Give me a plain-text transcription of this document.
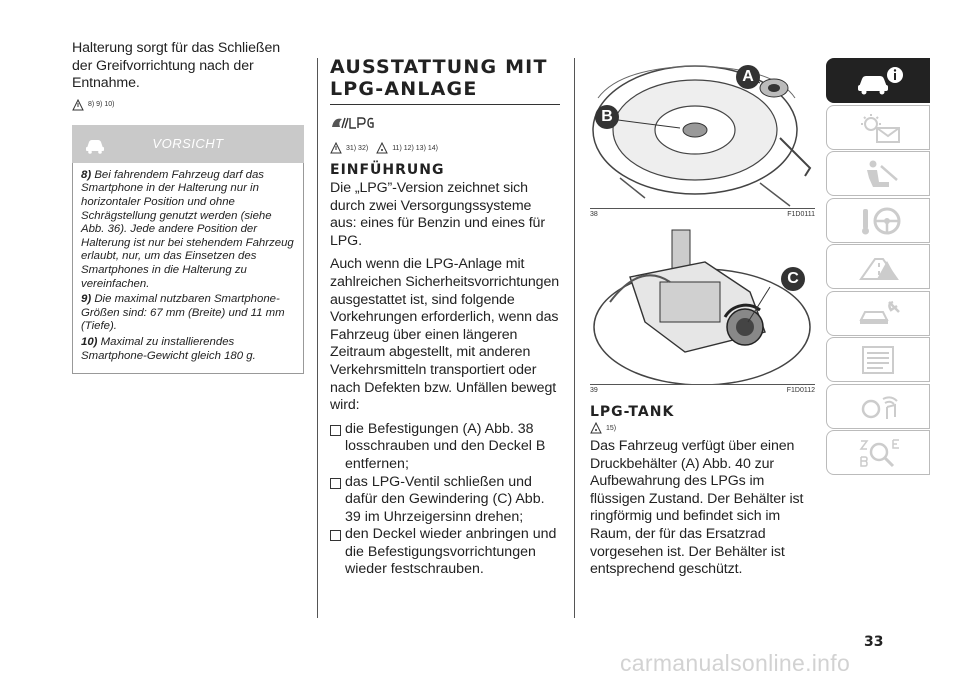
Halterung sorgt für das Schließen der Greifvorrichtung nach der Entnahme.

8) 9) 10)
VORSICHT

8) Bei fahrendem Fahrzeug darf das Smartphone in der Halterung nur in horizontaler Position und ohne Schrägstellung genutzt werden (siehe Abb. 36). Jede andere Position der Halterung ist nur bei stehendem Fahrzeug erlaubt, nur, um das Einsetzen des Smartphones in die Halterung zu vereinfachen.

9) Die maximal nutzbaren Smartphone-Größen sind: 67 mm (Breite) und 11 mm (Tiefe).

10) Maximal zu installierendes Smartphone-Gewicht gleich 180 g.

AUSSTATTUNG MIT LPG-ANLAGE
31) 32)	11) 12) 13) 14)
EINFÜHRUNG

Die „LPG”-Version zeichnet sich durch zwei Versorgungssysteme aus: eines für Benzin und eines für LPG.

Auch wenn die LPG-Anlage mit zahlreichen Sicherheitsvorrichtungen ausgestattet ist, sind folgende Vorkehrungen erforderlich, wenn das Fahrzeug über einen längeren Zeitraum abgestellt, mit anderen Verkehrsmitteln transportiert oder nach Defekten bzw. Unfällen bewegt wird:

die Befestigungen (A) Abb. 38 losschrauben und den Deckel B entfernen;
das LPG-Ventil schließen und dafür den Gewindering (C) Abb. 39 im Uhrzeigersinn drehen;
den Deckel wieder anbringen und die Befestigungsvorrichtungen wieder festschrauben.
A
B
38	F1D0111
C
39	F1D0112
LPG-TANK
15)

Das Fahrzeug verfügt über einen Druckbehälter (A) Abb. 40 zur Aufbewahrung des LPGs im flüssigen Zustand. Der Behälter ist ringförmig und befindet sich im Raum, der für das Ersatzrad vorgesehen ist. Der Behälter ist entsprechend geschützt.

33
carmanualsonline.info
